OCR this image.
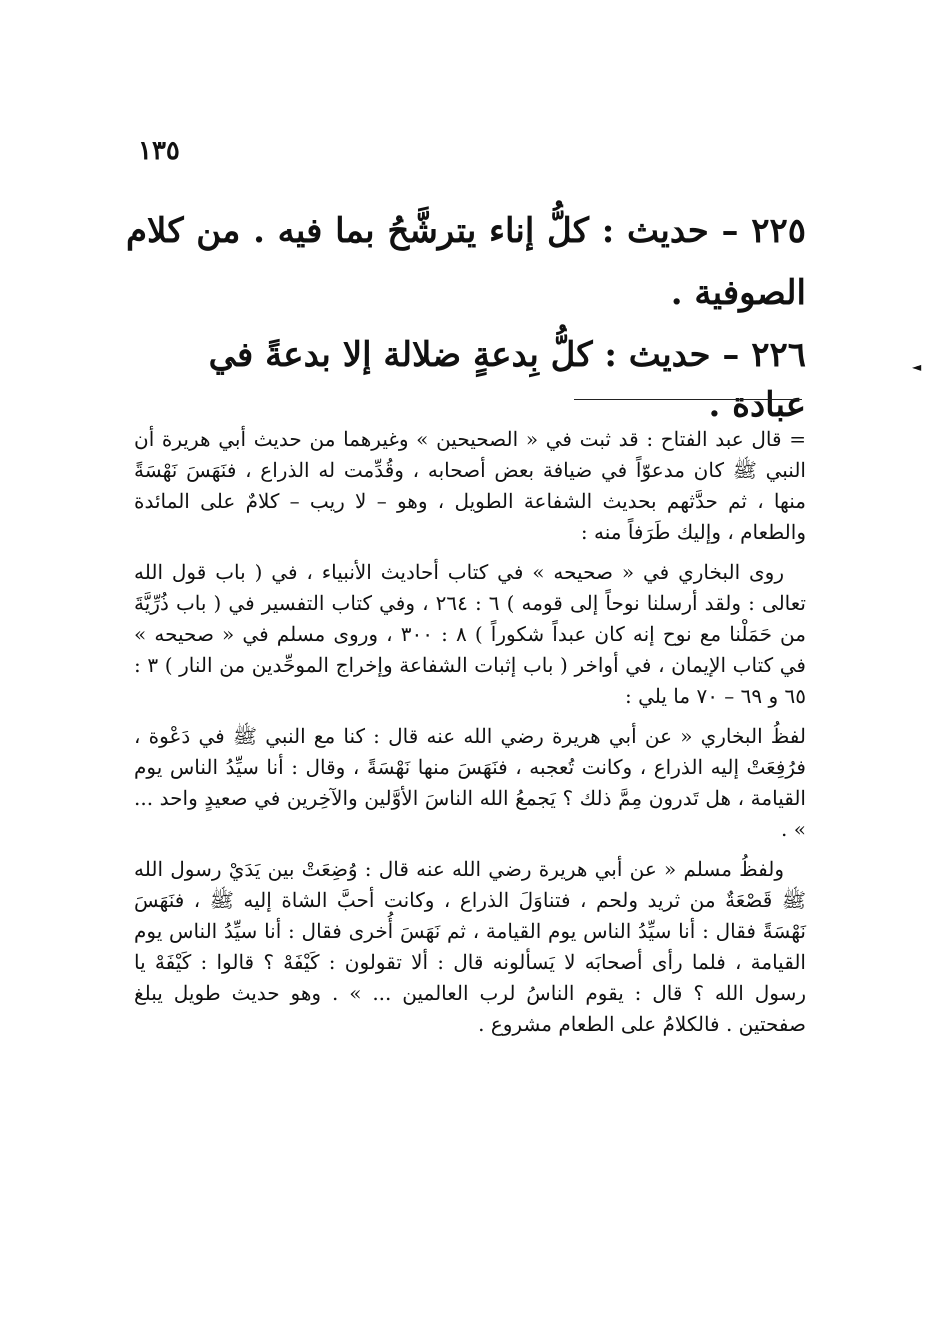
١٣٥

٢٢٥ – حديث : كلُّ إناء يترشَّحُ بما فيه . من كلام الصوفية .

٢٢٦ – حديث : كلُّ بِدعةٍ ضلالة إلا بدعةً في عبادة .

◄

= قال عبد الفتاح : قد ثبت في « الصحيحين » وغيرهما من حديث أبي هريرة أن النبي ﷺ كان مدعوّاً في ضيافة بعض أصحابه ، وقُدِّمت له الذراع ، فنَهَسَ نَهْسَةً منها ، ثم حدَّثهم بحديث الشفاعة الطويل ، وهو – لا ريب – كلامٌ على المائدة والطعام ، وإليك طَرَفاً منه :

روى البخاري في « صحيحه » في كتاب أحاديث الأنبياء ، في ( باب قول الله تعالى : ولقد أرسلنا نوحاً إلى قومه ) ٦ : ٢٦٤ ، وفي كتاب التفسير في ( باب ذُرِّيَّةَ من حَمَلْنا مع نوح إنه كان عبداً شكوراً ) ٨ : ٣٠٠ ، وروى مسلم في « صحيحه » في كتاب الإيمان ، في أواخر ( باب إثبات الشفاعة وإخراج الموحِّدين من النار ) ٣ : ٦٥ و ٦٩ – ٧٠ ما يلي :

لفظُ البخاري « عن أبي هريرة رضي الله عنه قال : كنا مع النبي ﷺ في دَعْوة ، فرُفِعَتْ إليه الذراع ، وكانت تُعجبه ، فنَهَسَ منها نَهْسَةً ، وقال : أنا سيِّدُ الناس يوم القيامة ، هل تَدرون مِمَّ ذلك ؟ يَجمعُ الله الناسَ الأوَّلين والآخِرين في صعيدٍ واحد ... » .

ولفظُ مسلم « عن أبي هريرة رضي الله عنه قال : وُضِعَتْ بين يَدَيْ رسول الله ﷺ قَصْعَةٌ من ثريد ولحم ، فتناوَلَ الذراع ، وكانت أحبَّ الشاة إليه ﷺ ، فنَهَسَ نَهْسَةً فقال : أنا سيِّدُ الناس يوم القيامة ، ثم نَهَسَ أُخرى فقال : أنا سيِّدُ الناس يوم القيامة ، فلما رأى أصحابَه لا يَسألونه قال : ألا تقولون : كَيْفَهْ ؟ قالوا : كَيْفَهْ يا رسول الله ؟ قال : يقوم الناسُ لرب العالمين ... » . وهو حديث طويل يبلغ صفحتين . فالكلامُ على الطعام مشروع .
